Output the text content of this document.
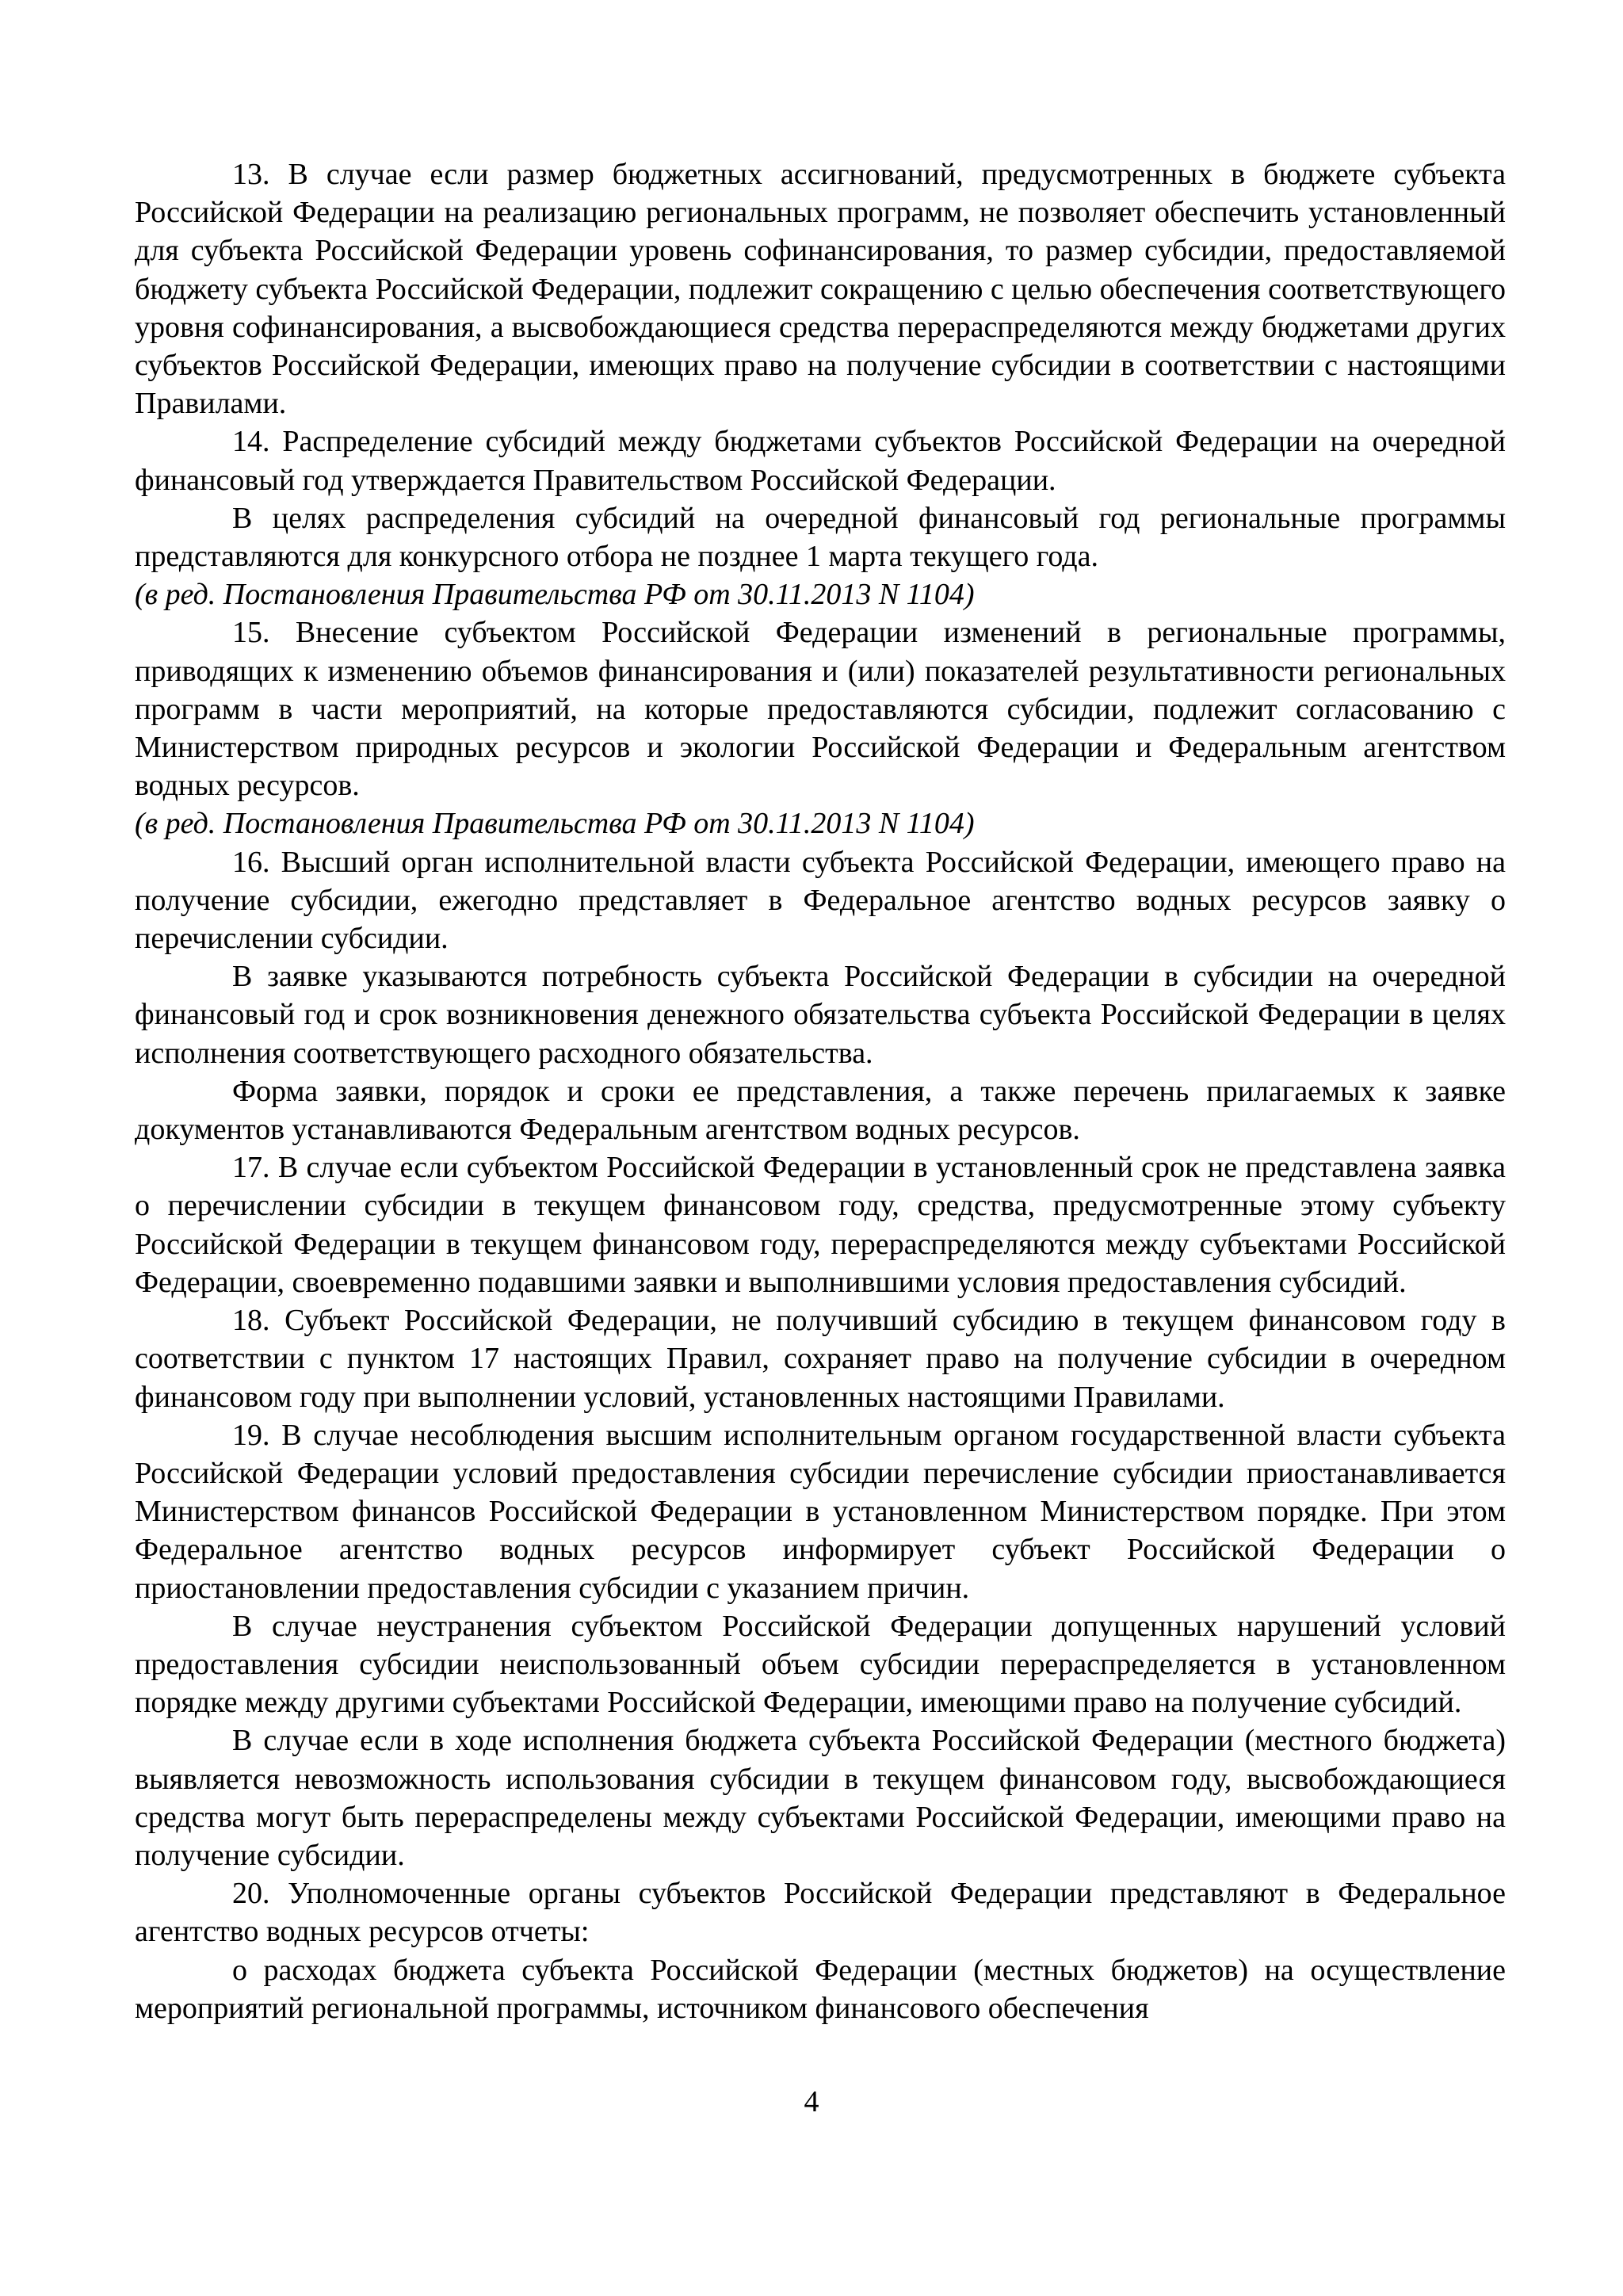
13. В случае если размер бюджетных ассигнований, предусмотренных в бюджете субъекта Российской Федерации на реализацию региональных программ, не позволяет обеспечить установленный для субъекта Российской Федерации уровень софинансирования, то размер субсидии, предоставляемой бюджету субъекта Российской Федерации, подлежит сокращению с целью обеспечения соответствующего уровня софинансирования, а высвобождающиеся средства перераспределяются между бюджетами других субъектов Российской Федерации, имеющих право на получение субсидии в соответствии с настоящими Правилами.

14. Распределение субсидий между бюджетами субъектов Российской Федерации на очередной финансовый год утверждается Правительством Российской Федерации.

В целях распределения субсидий на очередной финансовый год региональные программы представляются для конкурсного отбора не позднее 1 марта текущего года.

(в ред. Постановления Правительства РФ от 30.11.2013 N 1104)

15. Внесение субъектом Российской Федерации изменений в региональные программы, приводящих к изменению объемов финансирования и (или) показателей результативности региональных программ в части мероприятий, на которые предоставляются субсидии, подлежит согласованию с Министерством природных ресурсов и экологии Российской Федерации и Федеральным агентством водных ресурсов.

(в ред. Постановления Правительства РФ от 30.11.2013 N 1104)

16. Высший орган исполнительной власти субъекта Российской Федерации, имеющего право на получение субсидии, ежегодно представляет в Федеральное агентство водных ресурсов заявку о перечислении субсидии.

В заявке указываются потребность субъекта Российской Федерации в субсидии на очередной финансовый год и срок возникновения денежного обязательства субъекта Российской Федерации в целях исполнения соответствующего расходного обязательства.

Форма заявки, порядок и сроки ее представления, а также перечень прилагаемых к заявке документов устанавливаются Федеральным агентством водных ресурсов.

17. В случае если субъектом Российской Федерации в установленный срок не представлена заявка о перечислении субсидии в текущем финансовом году, средства, предусмотренные этому субъекту Российской Федерации в текущем финансовом году, перераспределяются между субъектами Российской Федерации, своевременно подавшими заявки и выполнившими условия предоставления субсидий.

18. Субъект Российской Федерации, не получивший субсидию в текущем финансовом году в соответствии с пунктом 17 настоящих Правил, сохраняет право на получение субсидии в очередном финансовом году при выполнении условий, установленных настоящими Правилами.

19. В случае несоблюдения высшим исполнительным органом государственной власти субъекта Российской Федерации условий предоставления субсидии перечисление субсидии приостанавливается Министерством финансов Российской Федерации в установленном Министерством порядке. При этом Федеральное агентство водных ресурсов информирует субъект Российской Федерации о приостановлении предоставления субсидии с указанием причин.

В случае неустранения субъектом Российской Федерации допущенных нарушений условий предоставления субсидии неиспользованный объем субсидии перераспределяется в установленном порядке между другими субъектами Российской Федерации, имеющими право на получение субсидий.

В случае если в ходе исполнения бюджета субъекта Российской Федерации (местного бюджета) выявляется невозможность использования субсидии в текущем финансовом году, высвобождающиеся средства могут быть перераспределены между субъектами Российской Федерации, имеющими право на получение субсидии.

20. Уполномоченные органы субъектов Российской Федерации представляют в Федеральное агентство водных ресурсов отчеты:

о расходах бюджета субъекта Российской Федерации (местных бюджетов) на осуществление мероприятий региональной программы, источником финансового обеспечения

4
